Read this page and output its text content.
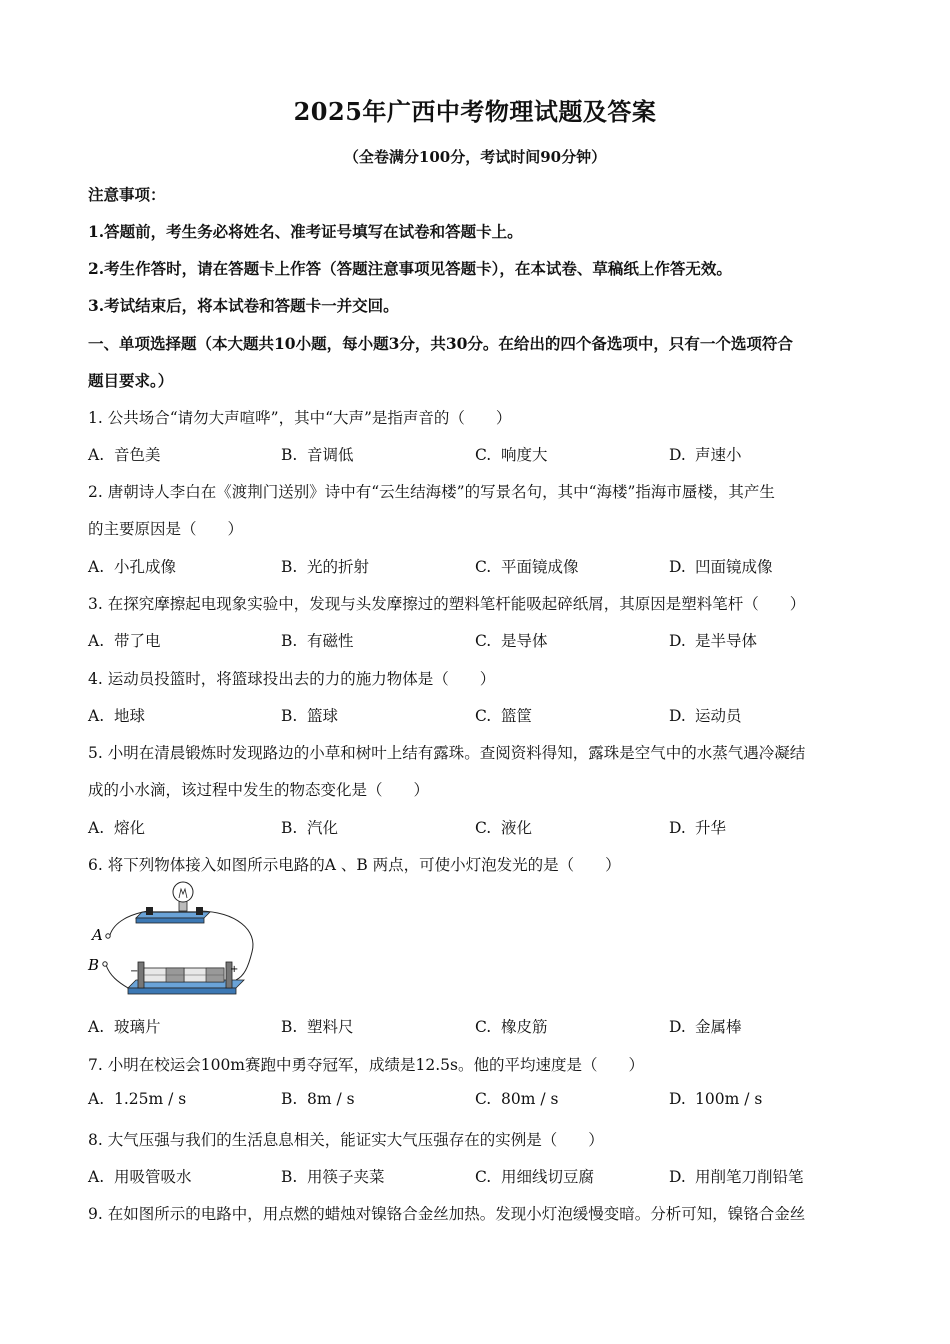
2025年广西中考物理试题及答案
（全卷满分100分，考试时间90分钟）
注意事项：
1.答题前，考生务必将姓名、准考证号填写在试卷和答题卡上。
2.考生作答时，请在答题卡上作答（答题注意事项见答题卡），在本试卷、草稿纸上作答无效。
3.考试结束后，将本试卷和答题卡一并交回。
一、单项选择题（本大题共10小题，每小题3分，共30分。在给出的四个备选项中，只有一个选项符合
题目要求。）
1. 公共场合“请勿大声喧哗”，其中“大声”是指声音的（　　）
A. 音色美	B. 音调低	C. 响度大	D. 声速小
2. 唐朝诗人李白在《渡荆门送别》诗中有“云生结海楼”的写景名句，其中“海楼”指海市蜃楼，其产生
的主要原因是（　　）
A. 小孔成像	B. 光的折射	C. 平面镜成像	D. 凹面镜成像
3. 在探究摩擦起电现象实验中，发现与头发摩擦过的塑料笔杆能吸起碎纸屑，其原因是塑料笔杆（　　）
A. 带了电	B. 有磁性	C. 是导体	D. 是半导体
4. 运动员投篮时，将篮球投出去的力的施力物体是（　　）
A. 地球	B. 篮球	C. 篮筐	D. 运动员
5. 小明在清晨锻炼时发现路边的小草和树叶上结有露珠。查阅资料得知，露珠是空气中的水蒸气遇冷凝结
成的小水滴，该过程中发生的物态变化是（　　）
A. 熔化	B. 汽化	C. 液化	D. 升华
6. 将下列物体接入如图所示电路的A 、B 两点，可使小灯泡发光的是（　　）
A
B	−	+
A. 玻璃片	B. 塑料尺	C. 橡皮筋	D. 金属棒
7. 小明在校运会100m赛跑中勇夺冠军，成绩是12.5s。他的平均速度是（　　）
A. 1.25m / s	B. 8m / s	C. 80m / s	D. 100m / s
8. 大气压强与我们的生活息息相关，能证实大气压强存在的实例是（　　）
A. 用吸管吸水	B. 用筷子夹菜	C. 用细线切豆腐	D. 用削笔刀削铅笔
9. 在如图所示的电路中，用点燃的蜡烛对镍铬合金丝加热。发现小灯泡缓慢变暗。分析可知，镍铬合金丝
